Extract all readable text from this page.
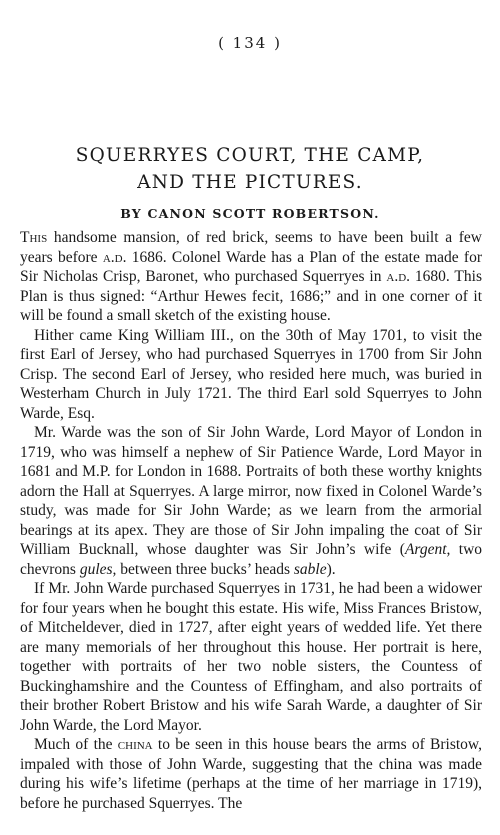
( 134 )
SQUERRYES COURT, THE CAMP,
AND THE PICTURES.
BY CANON SCOTT ROBERTSON.

This handsome mansion, of red brick, seems to have been built a few years before a.d. 1686. Colonel Warde has a Plan of the estate made for Sir Nicholas Crisp, Baronet, who purchased Squerryes in a.d. 1680. This Plan is thus signed: “Arthur Hewes fecit, 1686;” and in one corner of it will be found a small sketch of the existing house.

Hither came King William III., on the 30th of May 1701, to visit the first Earl of Jersey, who had purchased Squerryes in 1700 from Sir John Crisp. The second Earl of Jersey, who resided here much, was buried in Westerham Church in July 1721. The third Earl sold Squerryes to John Warde, Esq.

Mr. Warde was the son of Sir John Warde, Lord Mayor of London in 1719, who was himself a nephew of Sir Patience Warde, Lord Mayor in 1681 and M.P. for London in 1688. Portraits of both these worthy knights adorn the Hall at Squerryes. A large mirror, now fixed in Colonel Warde’s study, was made for Sir John Warde; as we learn from the armorial bearings at its apex. They are those of Sir John impaling the coat of Sir William Bucknall, whose daughter was Sir John’s wife (Argent, two chevrons gules, between three bucks’ heads sable).

If Mr. John Warde purchased Squerryes in 1731, he had been a widower for four years when he bought this estate. His wife, Miss Frances Bristow, of Mitcheldever, died in 1727, after eight years of wedded life. Yet there are many memorials of her throughout this house. Her portrait is here, together with portraits of her two noble sisters, the Countess of Buckinghamshire and the Countess of Effingham, and also portraits of their brother Robert Bristow and his wife Sarah Warde, a daughter of Sir John Warde, the Lord Mayor.

Much of the china to be seen in this house bears the arms of Bristow, impaled with those of John Warde, suggesting that the china was made during his wife’s lifetime (perhaps at the time of her marriage in 1719), before he purchased Squerryes. The
